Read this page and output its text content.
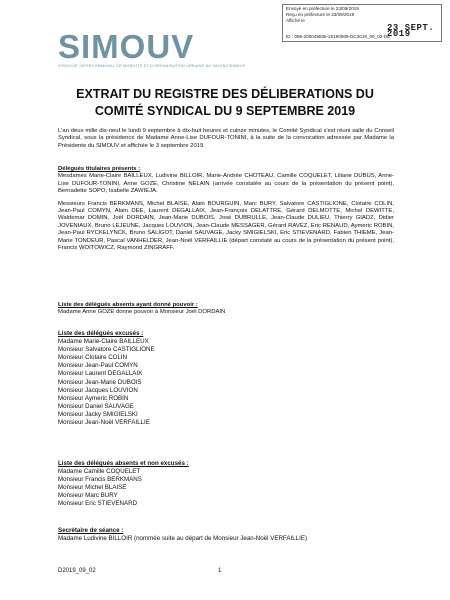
Envoyé en préfecture le 23/09/2019
Reçu en préfecture le 23/09/2019
Affiché le
23 SEPT. 2019
ID : 056-200049836-20190909-DC2019_09_02-DE
SIMOUV
SYNDICAT INTERCOMMUNAL DE MOBILITÉ ET D'ORGANISATION URBAINE DU VALENCIENNOIS
EXTRAIT DU REGISTRE DES DÉLIBERATIONS DU
COMITÉ SYNDICAL DU 9 SEPTEMBRE 2019
L'an deux mille dix-neuf le lundi 9 septembre à dix-huit heures et cuinze minutes, le Comité Syndical s'est réuni salle du Conseil Syndical, sous la présidence de Madame Anne-Lise DUFOUR-TONINI, à la suite de la convocation adressée par Madame la Présidente du SIMOUV et affichée le 3 septembre 2019.
Délégués titulaires présents :
Mesdames Marie-Claire BAILLEUX, Ludivine BILLOIR, Marie-Andrée CHOTEAU, Camille COQUELET, Liliane DUBUS, Anne-Lise DUFOUR-TONINI, Anne GOZE, Christine NELAIN (arrivée constatée au cours de la présentation du présent point), Bernadette SOPO, Isabelle ZAWIEJA.
Messieurs Francis BERKMANS, Michel BLAISE, Alain BOURGUIN, Marc BURY, Salvatore CASTIGLIONE, Clotaire COLIN, Jean-Paul COMYN, Alain DEE, Laurent DEGALLAIX, Jean-François DELATTRE, Gérard DELMOTTE, Michel DEWITTE, Waldemar DOMIN, Joël DORDAIN, Jean-Marie DUBOIS, José DUBRULLE, Jean-Claude DULIEU, Thierry GIADZ, Didier JOVENIAUX, Bruno LEJEUNE, Jacques LOUVION, Jean-Claude MESSAGER, Gérard RAVEZ, Eric RENAUD, Aymeric ROBIN, Jean-Paul RYCKELYNCK, Bruno SALIGOT, Daniel SAUVAGE, Jacky SMIGIELSKI, Eric STIEVENARD, Fabien THIEME, Jean-Marie TONDEUR, Pascal VANHELDER, Jean-Noël VERFAILLIE (départ constaté au cours de la présentation du présent point), Francis WOITOWICZ, Raymond ZINGRAFF.
Liste des délégués absents ayant donné pouvoir :
Madame Anne GOZE donne pouvoir à Monsieur Joël DORDAIN
Liste des délégués excusés :
Madame Marie-Claire BAILLEUX
Monsieur Salvatore CASTIGLIONE
Monsieur Clotaire COLIN
Monsieur Jean-Paul COMYN
Monsieur Laurent DEGALLAIX
Monsieur Jean-Marie DUBOIS
Monsieur Jacques LOUVION
Monsieur Aymeric ROBIN
Monsieur Daniel SAUVAGE
Monsieur Jacky SMIGIELSKI
Monsieur Jean-Noël VERFAILLIE
Liste des délégués absents et non excusés :
Madame Camille COQUELET
Monsieur Francis BERKMANS
Monsieur Michel BLAISE
Monsieur Marc BURY
Monsieur Eric STIEVENARD
Secrétaire de séance :
Madame Ludivine BILLOIR (nommée suite au départ de Monsieur Jean-Noël VERFAILLIE)
D2019_09_02	1
